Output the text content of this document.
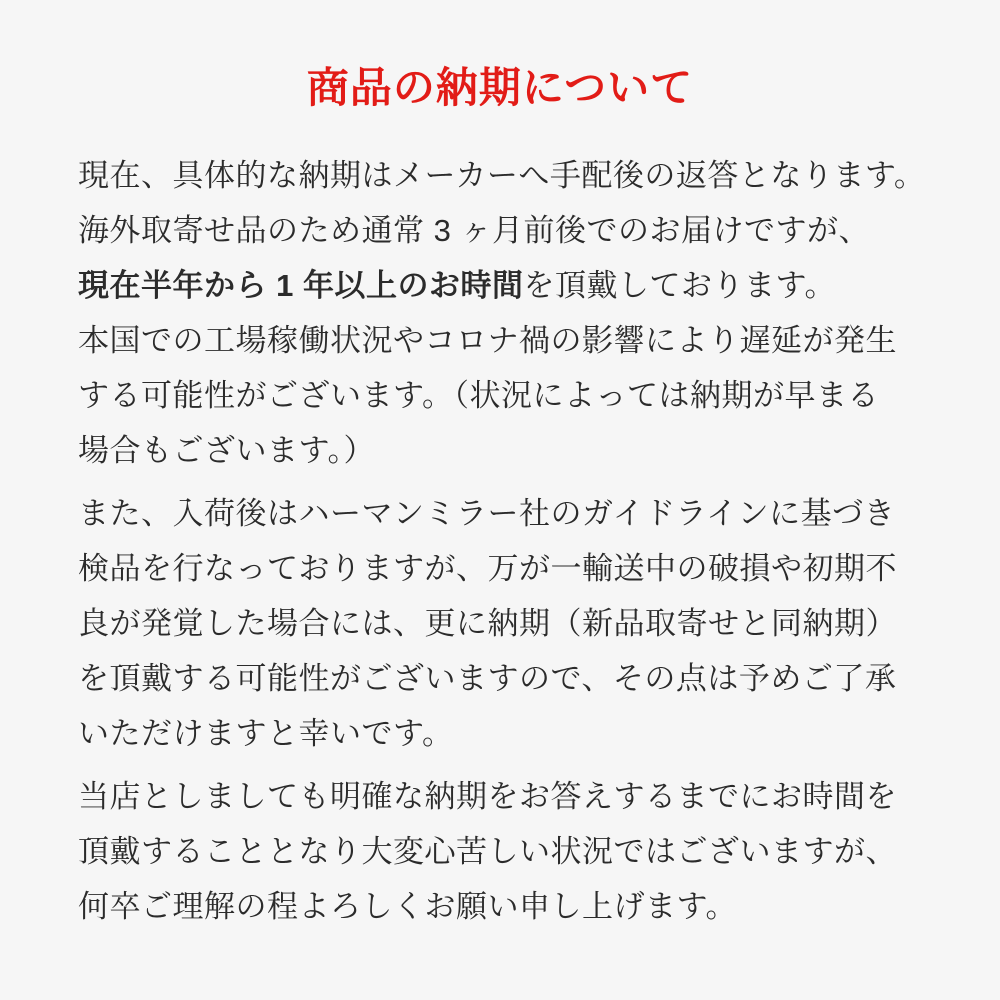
商品の納期について
現在、具体的な納期はメーカーへ手配後の返答となります。
海外取寄せ品のため通常 3 ヶ月前後でのお届けですが、
現在半年から 1 年以上のお時間を頂戴しております。
本国での工場稼働状況やコロナ禍の影響により遅延が発生
する可能性がございます。（状況によっては納期が早まる
場合もございます。）
また、入荷後はハーマンミラー社のガイドラインに基づき
検品を行なっておりますが、万が一輸送中の破損や初期不
良が発覚した場合には、更に納期（新品取寄せと同納期）
を頂戴する可能性がございますので、その点は予めご了承
いただけますと幸いです。
当店としましても明確な納期をお答えするまでにお時間を
頂戴することとなり大変心苦しい状況ではございますが、
何卒ご理解の程よろしくお願い申し上げます。
